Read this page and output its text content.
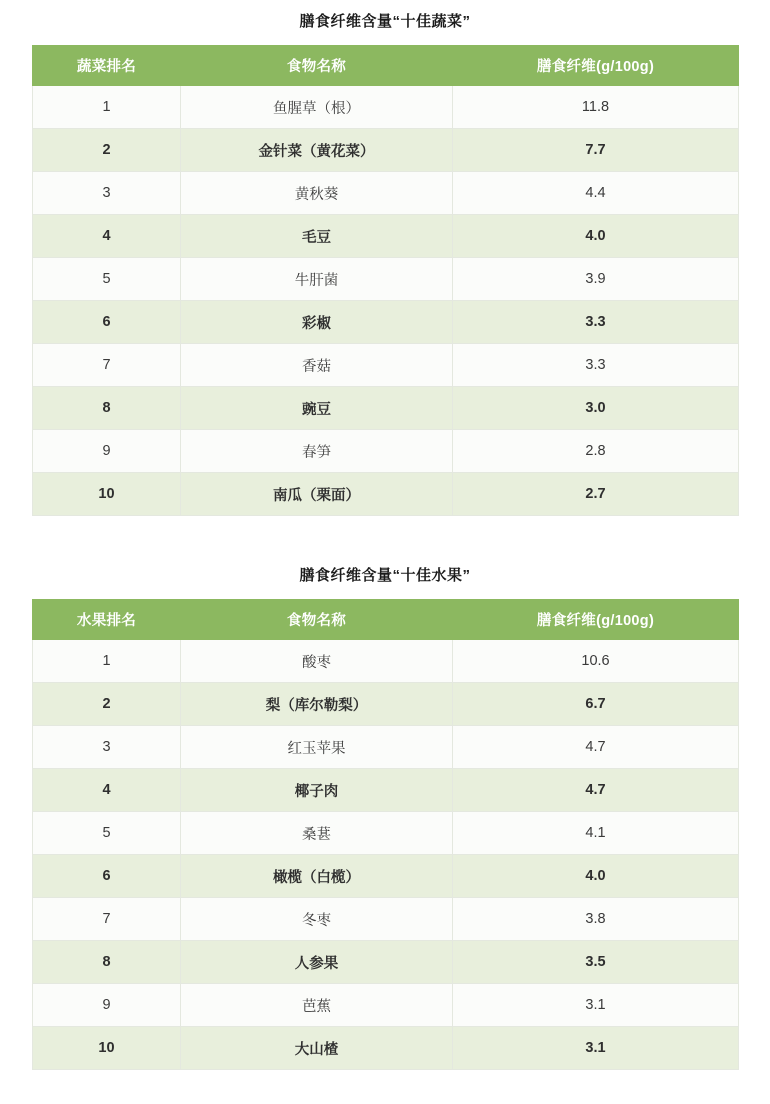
膳食纤维含量“十佳蔬菜”
蔬菜排名	食物名称	膳食纤维(g/100g)
1	鱼腥草（根）	11.8
2	金针菜（黄花菜）	7.7
3	黄秋葵	4.4
4	毛豆	4.0
5	牛肝菌	3.9
6	彩椒	3.3
7	香菇	3.3
8	豌豆	3.0
9	春笋	2.8
10	南瓜（栗面）	2.7
膳食纤维含量“十佳水果”
水果排名	食物名称	膳食纤维(g/100g)
1	酸枣	10.6
2	梨（库尔勒梨）	6.7
3	红玉苹果	4.7
4	椰子肉	4.7
5	桑葚	4.1
6	橄榄（白榄）	4.0
7	冬枣	3.8
8	人参果	3.5
9	芭蕉	3.1
10	大山楂	3.1
